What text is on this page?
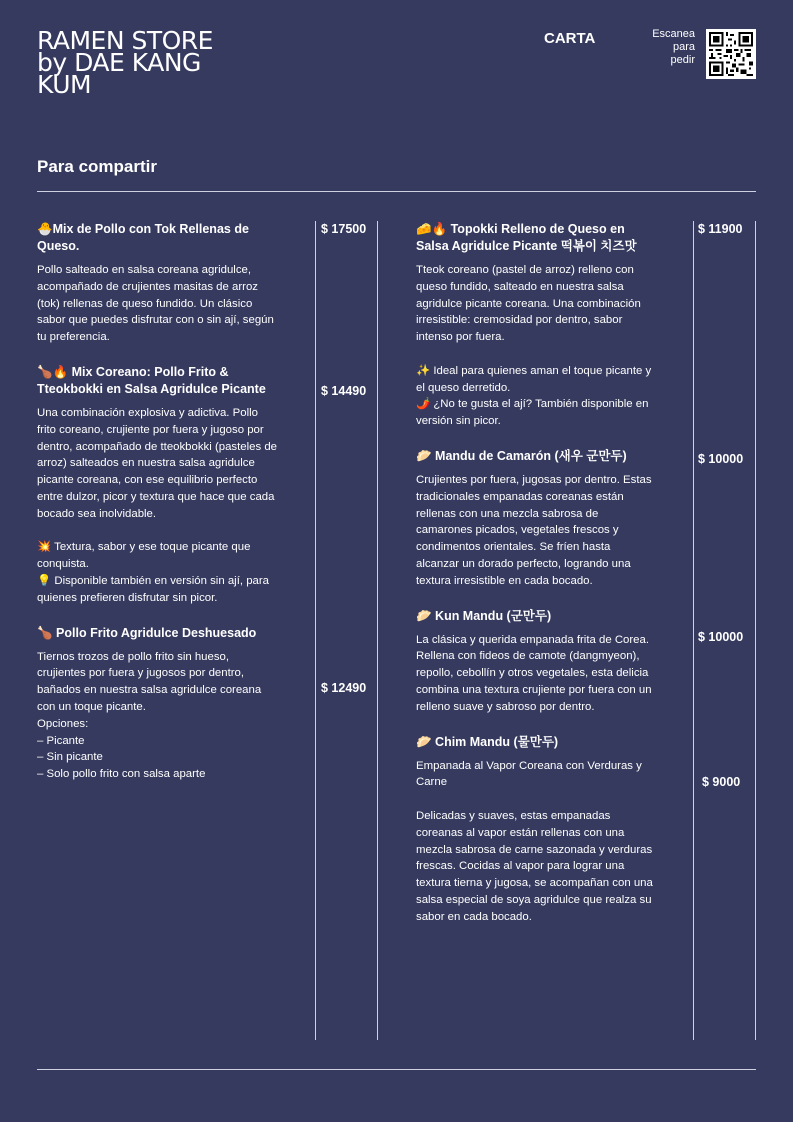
RAMEN STORE
by DAE KANG
KUM
CARTA	Escanea
para
pedir
Para compartir
🐣Mix de Pollo con Tok Rellenas de Queso.
Pollo salteado en salsa coreana agridulce, acompañado de crujientes masitas de arroz (tok) rellenas de queso fundido. Un clásico sabor que puedes disfrutar con o sin ají, según tu preferencia.
🍗🔥 Mix Coreano: Pollo Frito & Tteokbokki en Salsa Agridulce Picante
Una combinación explosiva y adictiva. Pollo frito coreano, crujiente por fuera y jugoso por dentro, acompañado de tteokbokki (pasteles de arroz) salteados en nuestra salsa agridulce picante coreana, con ese equilibrio perfecto entre dulzor, picor y textura que hace que cada bocado sea inolvidable.

💥 Textura, sabor y ese toque picante que conquista.
💡 Disponible también en versión sin ají, para quienes prefieren disfrutar sin picor.
🍗 Pollo Frito Agridulce Deshuesado
Tiernos trozos de pollo frito sin hueso, crujientes por fuera y jugosos por dentro, bañados en nuestra salsa agridulce coreana con un toque picante.
Opciones:
– Picante
– Sin picante
– Solo pollo frito con salsa aparte
$ 17500
$ 14490
$ 12490
🧀🔥 Topokki Relleno de Queso en Salsa Agridulce Picante 떡볶이 치즈맛
Tteok coreano (pastel de arroz) relleno con queso fundido, salteado en nuestra salsa agridulce picante coreana. Una combinación irresistible: cremosidad por dentro, sabor intenso por fuera.

✨ Ideal para quienes aman el toque picante y el queso derretido.
🌶️ ¿No te gusta el ají? También disponible en versión sin picor.
🥟 Mandu de Camarón (새우 군만두)
Crujientes por fuera, jugosas por dentro. Estas tradicionales empanadas coreanas están rellenas con una mezcla sabrosa de camarones picados, vegetales frescos y condimentos orientales. Se fríen hasta alcanzar un dorado perfecto, logrando una textura irresistible en cada bocado.
🥟 Kun Mandu (군만두)
La clásica y querida empanada frita de Corea. Rellena con fideos de camote (dangmyeon), repollo, cebollín y otros vegetales, esta delicia combina una textura crujiente por fuera con un relleno suave y sabroso por dentro.
🥟 Chim Mandu (물만두)
Empanada al Vapor Coreana con Verduras y Carne

Delicadas y suaves, estas empanadas coreanas al vapor están rellenas con una mezcla sabrosa de carne sazonada y verduras frescas. Cocidas al vapor para lograr una textura tierna y jugosa, se acompañan con una salsa especial de soya agridulce que realza su sabor en cada bocado.
$ 11900
$ 10000
$ 10000
$ 9000
